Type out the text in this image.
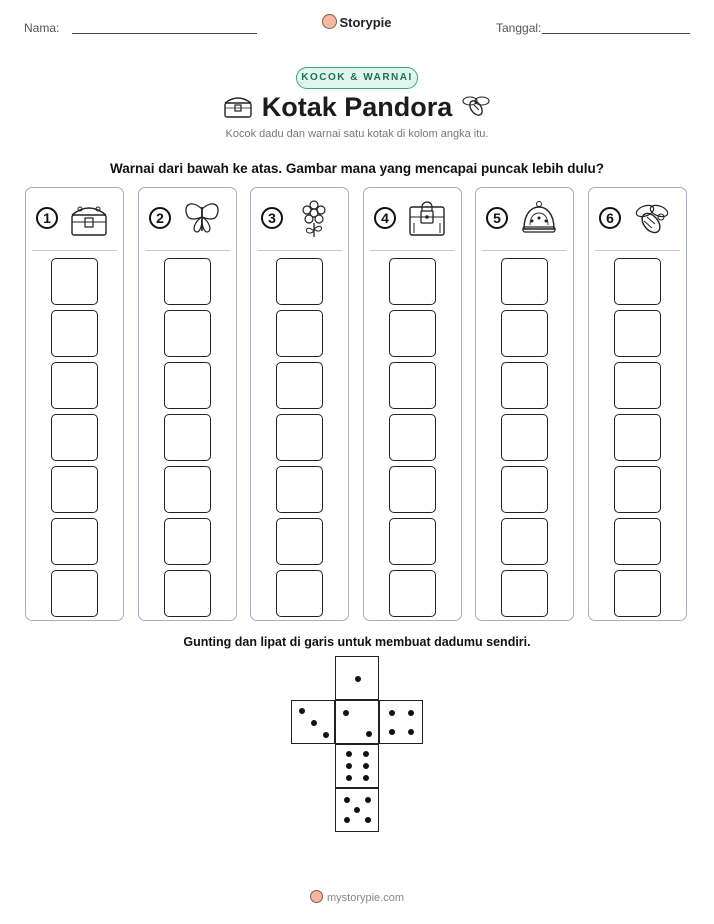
Nama:	Storypie	Tanggal:
KOCOK & WARNAI
Kotak Pandora
Kocok dadu dan warnai satu kotak di kolom angka itu.
Warnai dari bawah ke atas. Gambar mana yang mencapai puncak lebih dulu?
1	2	3	4	5	6
Gunting dan lipat di garis untuk membuat dadumu sendiri.
mystorypie.com
